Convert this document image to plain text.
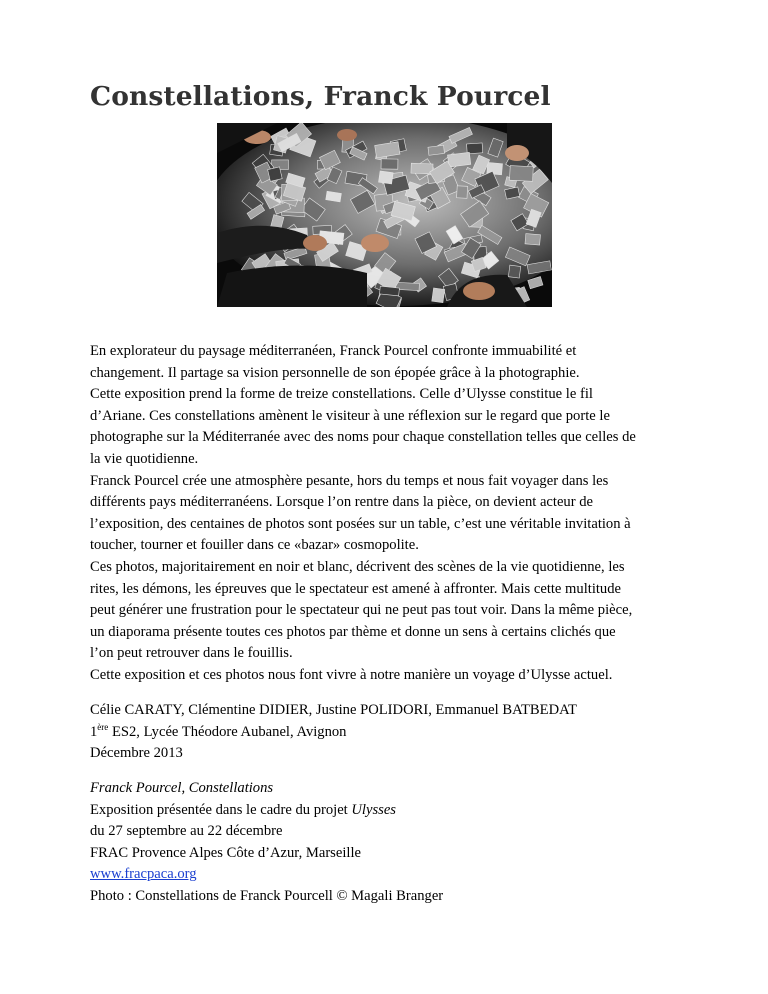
Constellations, Franck Pourcel
En explorateur du paysage méditerranéen, Franck Pourcel confronte immuabilité et
changement. Il partage sa vision personnelle de son épopée grâce à la photographie.
Cette exposition prend la forme de treize constellations. Celle d’Ulysse constitue le fil
d’Ariane. Ces constellations amènent le visiteur à une réflexion sur le regard que porte le
photographe sur la Méditerranée avec des noms pour chaque constellation telles que celles de
la vie quotidienne.
Franck Pourcel crée une atmosphère pesante, hors du temps et nous fait voyager dans les
différents pays méditerranéens. Lorsque l’on rentre dans la pièce, on devient acteur de
l’exposition, des centaines de photos sont posées sur un table, c’est une véritable invitation à
toucher, tourner et fouiller dans ce «bazar» cosmopolite.
Ces photos, majoritairement en noir et blanc, décrivent des scènes de la vie quotidienne, les
rites, les démons, les épreuves que le spectateur est amené à affronter. Mais cette multitude
peut générer une frustration pour le spectateur qui ne peut pas tout voir. Dans la même pièce,
un diaporama présente toutes ces photos par thème et donne un sens à certains clichés que
l’on peut retrouver dans le fouillis.
Cette exposition et ces photos nous font vivre à notre manière un voyage d’Ulysse actuel.
Célie CARATY, Clémentine DIDIER, Justine POLIDORI, Emmanuel BATBEDAT
1ère ES2, Lycée Théodore Aubanel, Avignon
Décembre 2013
Franck Pourcel, Constellations
Exposition présentée dans le cadre du projet Ulysses
du 27 septembre au 22 décembre
FRAC Provence Alpes Côte d’Azur, Marseille
www.fracpaca.org
Photo : Constellations de Franck Pourcell © Magali Branger
